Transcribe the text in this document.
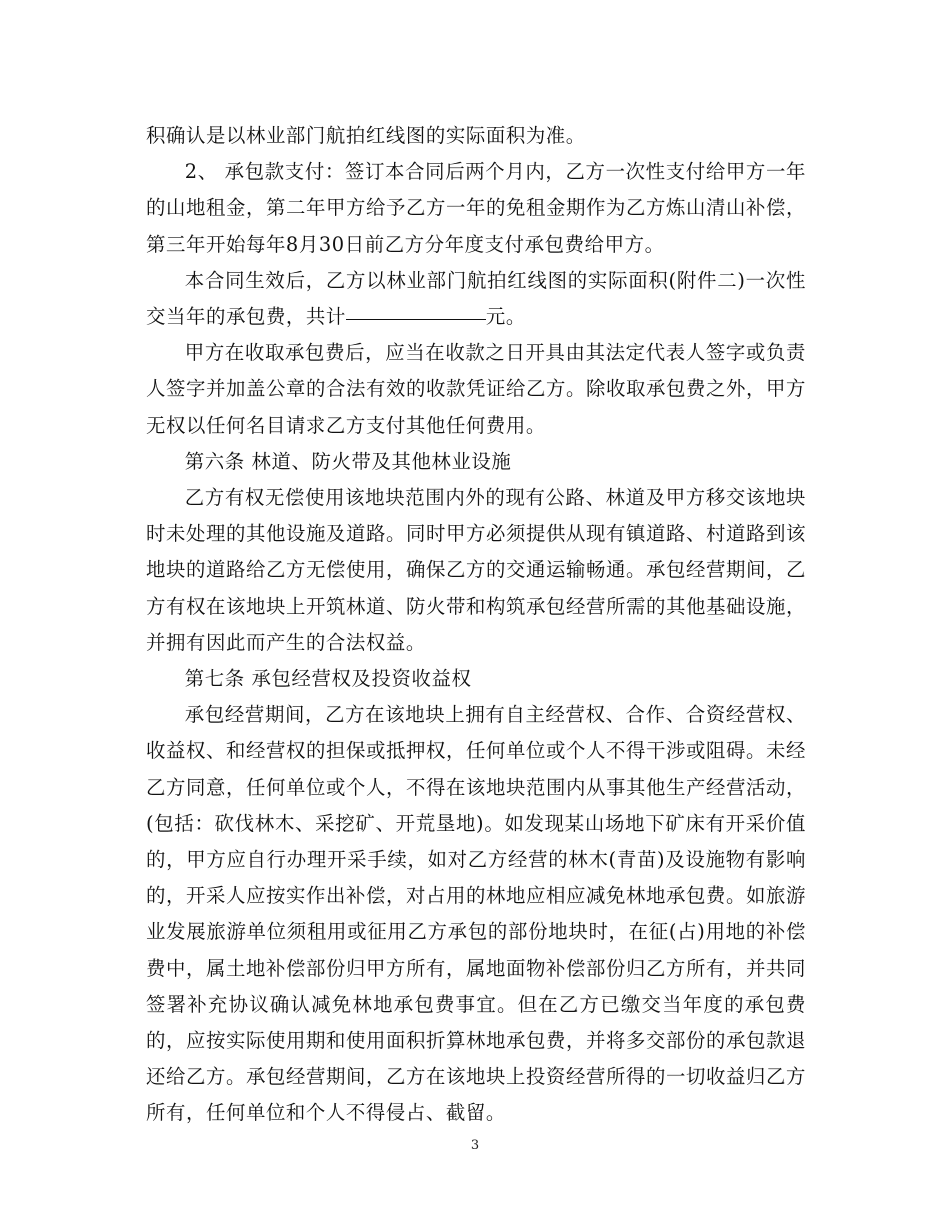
积确认是以林业部门航拍红线图的实际面积为准。

2、 承包款支付：签订本合同后两个月内，乙方一次性支付给甲方一年的山地租金，第二年甲方给予乙方一年的免租金期作为乙方炼山清山补偿，第三年开始每年8月30日前乙方分年度支付承包费给甲方。

本合同生效后，乙方以林业部门航拍红线图的实际面积(附件二)一次性交当年的承包费，共计	元。

甲方在收取承包费后，应当在收款之日开具由其法定代表人签字或负责人签字并加盖公章的合法有效的收款凭证给乙方。除收取承包费之外，甲方无权以任何名目请求乙方支付其他任何费用。

第六条 林道、防火带及其他林业设施

乙方有权无偿使用该地块范围内外的现有公路、林道及甲方移交该地块时未处理的其他设施及道路。同时甲方必须提供从现有镇道路、村道路到该地块的道路给乙方无偿使用，确保乙方的交通运输畅通。承包经营期间，乙方有权在该地块上开筑林道、防火带和构筑承包经营所需的其他基础设施，并拥有因此而产生的合法权益。

第七条 承包经营权及投资收益权

承包经营期间，乙方在该地块上拥有自主经营权、合作、合资经营权、收益权、和经营权的担保或抵押权，任何单位或个人不得干涉或阻碍。未经乙方同意，任何单位或个人，不得在该地块范围内从事其他生产经营活动，(包括：砍伐林木、采挖矿、开荒垦地)。如发现某山场地下矿床有开采价值的，甲方应自行办理开采手续，如对乙方经营的林木(青苗)及设施物有影响的，开采人应按实作出补偿，对占用的林地应相应减免林地承包费。如旅游业发展旅游单位须租用或征用乙方承包的部份地块时，在征(占)用地的补偿费中，属土地补偿部份归甲方所有，属地面物补偿部份归乙方所有，并共同签署补充协议确认减免林地承包费事宜。但在乙方已缴交当年度的承包费的，应按实际使用期和使用面积折算林地承包费，并将多交部份的承包款退还给乙方。承包经营期间，乙方在该地块上投资经营所得的一切收益归乙方所有，任何单位和个人不得侵占、截留。

3
